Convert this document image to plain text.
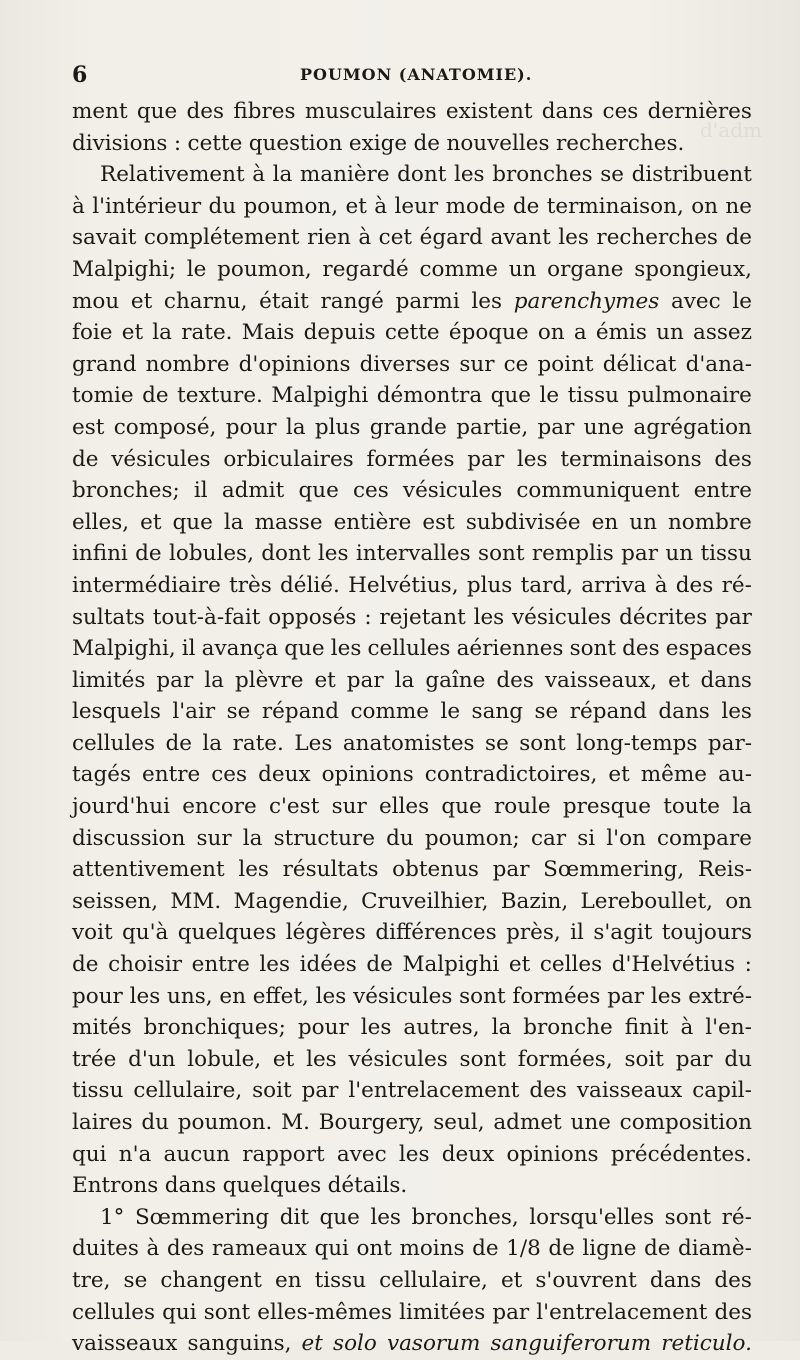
d'adm
6	POUMON (ANATOMIE).
ment que des fibres musculaires existent dans ces dernières
divisions : cette question exige de nouvelles recherches.
Relativement à la manière dont les bronches se distribuent
à l'intérieur du poumon, et à leur mode de terminaison, on ne
savait complétement rien à cet égard avant les recherches de
Malpighi; le poumon, regardé comme un organe spongieux,
mou et charnu, était rangé parmi les parenchymes avec le
foie et la rate. Mais depuis cette époque on a émis un assez
grand nombre d'opinions diverses sur ce point délicat d'ana-
tomie de texture. Malpighi démontra que le tissu pulmonaire
est composé, pour la plus grande partie, par une agrégation
de vésicules orbiculaires formées par les terminaisons des
bronches; il admit que ces vésicules communiquent entre
elles, et que la masse entière est subdivisée en un nombre
infini de lobules, dont les intervalles sont remplis par un tissu
intermédiaire très délié. Helvétius, plus tard, arriva à des ré-
sultats tout-à-fait opposés : rejetant les vésicules décrites par
Malpighi, il avança que les cellules aériennes sont des espaces
limités par la plèvre et par la gaîne des vaisseaux, et dans
lesquels l'air se répand comme le sang se répand dans les
cellules de la rate. Les anatomistes se sont long-temps par-
tagés entre ces deux opinions contradictoires, et même au-
jourd'hui encore c'est sur elles que roule presque toute la
discussion sur la structure du poumon; car si l'on compare
attentivement les résultats obtenus par Sœmmering, Reis-
seissen, MM. Magendie, Cruveilhier, Bazin, Lereboullet, on
voit qu'à quelques légères différences près, il s'agit toujours
de choisir entre les idées de Malpighi et celles d'Helvétius :
pour les uns, en effet, les vésicules sont formées par les extré-
mités bronchiques; pour les autres, la bronche finit à l'en-
trée d'un lobule, et les vésicules sont formées, soit par du
tissu cellulaire, soit par l'entrelacement des vaisseaux capil-
laires du poumon. M. Bourgery, seul, admet une composition
qui n'a aucun rapport avec les deux opinions précédentes.
Entrons dans quelques détails.
1° Sœmmering dit que les bronches, lorsqu'elles sont ré-
duites à des rameaux qui ont moins de 1/8 de ligne de diamè-
tre, se changent en tissu cellulaire, et s'ouvrent dans des
cellules qui sont elles-mêmes limitées par l'entrelacement des
vaisseaux sanguins, et solo vasorum sanguiferorum reticulo.
